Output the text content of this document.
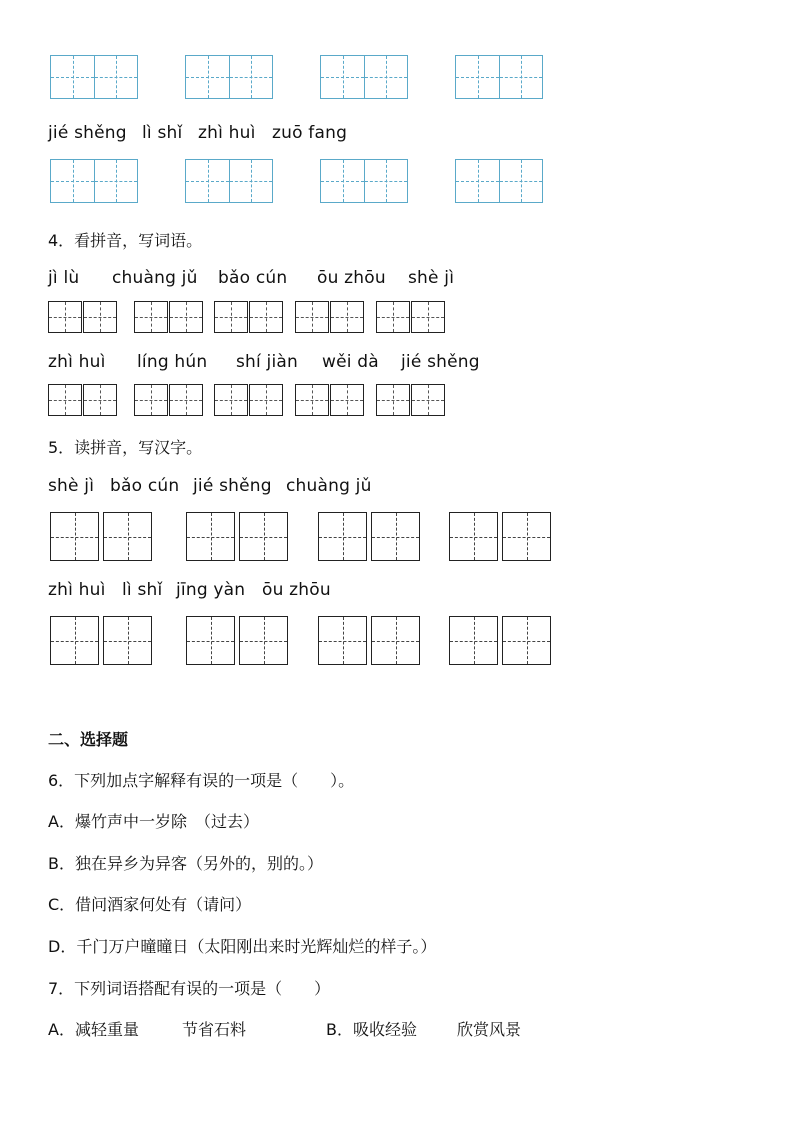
jié shěng lì shǐ zhì huì zuō fang
4．看拼音，写词语。
jì lù chuàng jǔ bǎo cún ōu zhōu shè jì
zhì huì líng hún shí jiàn wěi dà jié shěng
5．读拼音，写汉字。
shè jì bǎo cún jié shěng chuàng jǔ
zhì huì lì shǐ jīng yàn ōu zhōu
二、选择题
6．下列加点字解释有误的一项是（　　）。
A．爆竹声中一岁除　（过去）
B．独在异乡为异客（另外的，别的。）
C．借问酒家何处有（请问）
D．千门万户曈曈日（太阳刚出来时光辉灿烂的样子。）
7．下列词语搭配有误的一项是（　　）
A．减轻重量	节省石料	B．吸收经验	欣赏风景
